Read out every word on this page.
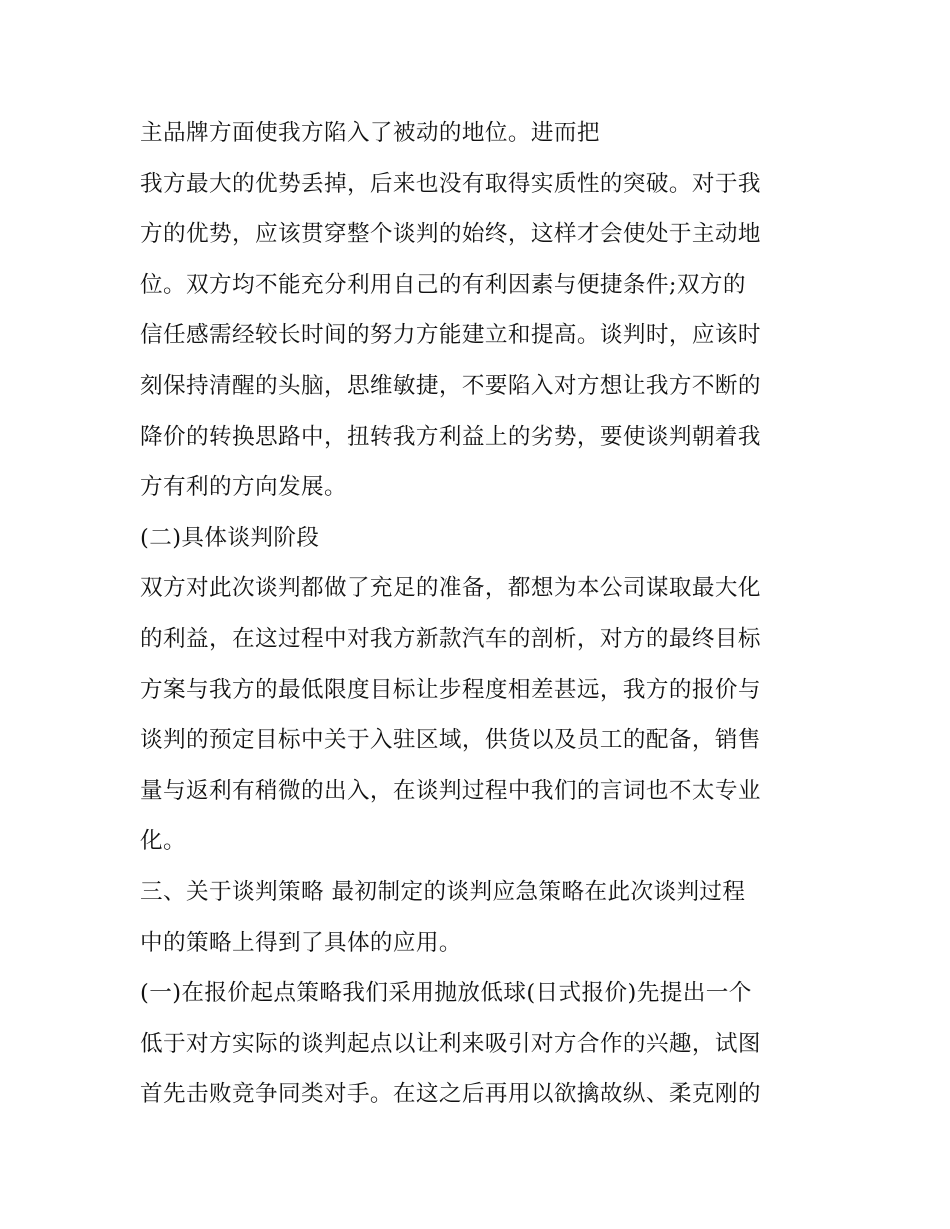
主品牌方面使我方陷入了被动的地位。进而把
我方最大的优势丢掉，后来也没有取得实质性的突破。对于我
方的优势，应该贯穿整个谈判的始终，这样才会使处于主动地
位。双方均不能充分利用自己的有利因素与便捷条件;双方的
信任感需经较长时间的努力方能建立和提高。谈判时，应该时
刻保持清醒的头脑，思维敏捷，不要陷入对方想让我方不断的
降价的转换思路中，扭转我方利益上的劣势，要使谈判朝着我
方有利的方向发展。
(二)具体谈判阶段
双方对此次谈判都做了充足的准备，都想为本公司谋取最大化
的利益，在这过程中对我方新款汽车的剖析，对方的最终目标
方案与我方的最低限度目标让步程度相差甚远，我方的报价与
谈判的预定目标中关于入驻区域，供货以及员工的配备，销售
量与返利有稍微的出入，在谈判过程中我们的言词也不太专业
化。
三、关于谈判策略 最初制定的谈判应急策略在此次谈判过程
中的策略上得到了具体的应用。
(一)在报价起点策略我们采用抛放低球(日式报价)先提出一个
低于对方实际的谈判起点以让利来吸引对方合作的兴趣，试图
首先击败竞争同类对手。在这之后再用以欲擒故纵、柔克刚的
